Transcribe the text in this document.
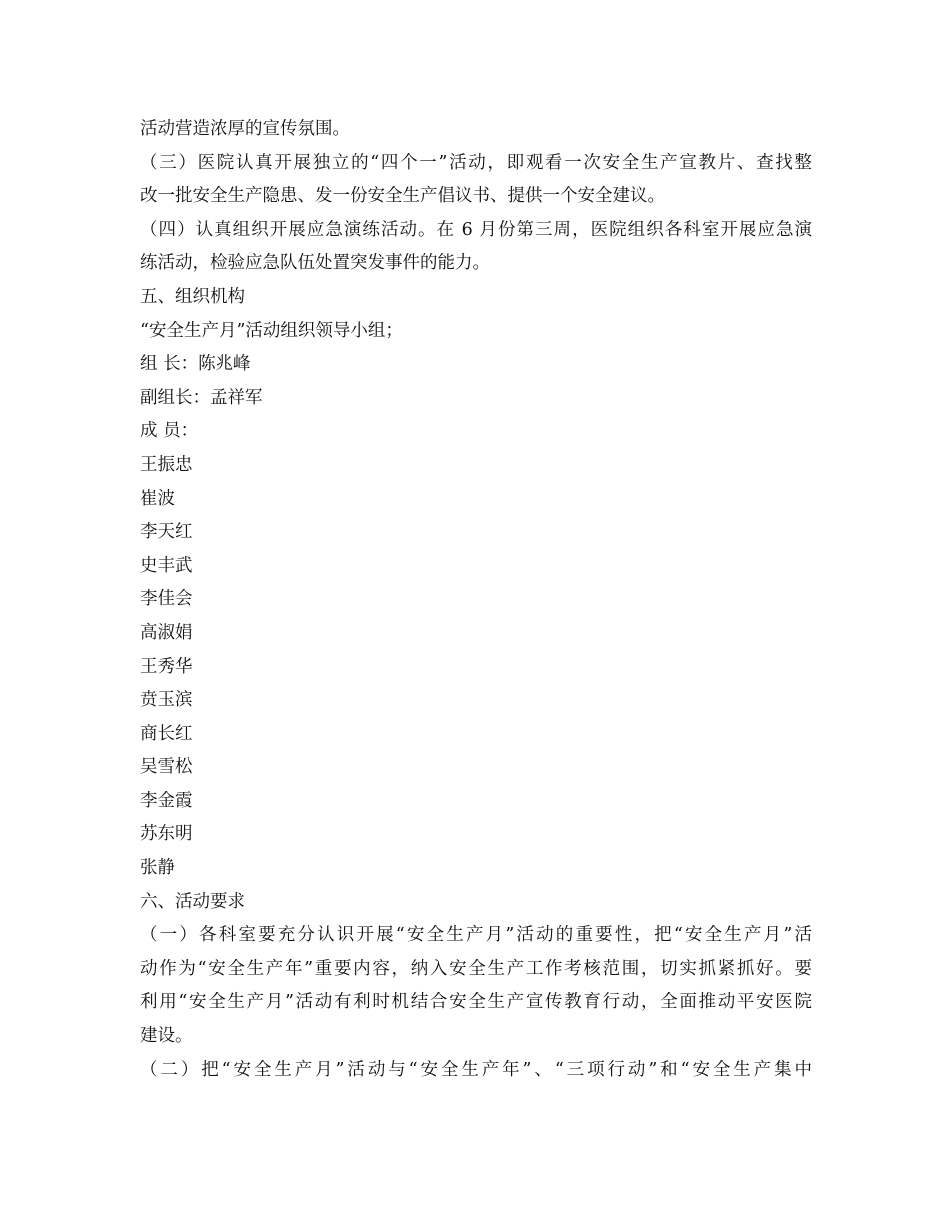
活动营造浓厚的宣传氛围。
（三）医院认真开展独立的“四个一”活动，即观看一次安全生产宣教片、查找整
改一批安全生产隐患、发一份安全生产倡议书、提供一个安全建议。
（四）认真组织开展应急演练活动。在 6 月份第三周，医院组织各科室开展应急演
练活动，检验应急队伍处置突发事件的能力。
五、组织机构
“安全生产月”活动组织领导小组；
组 长：陈兆峰
副组长：孟祥军
成 员：
王振忠
崔波
李天红
史丰武
李佳会
高淑娟
王秀华
贲玉滨
商长红
吴雪松
李金霞
苏东明
张静
六、活动要求
（一）各科室要充分认识开展“安全生产月”活动的重要性，把“安全生产月”活
动作为“安全生产年”重要内容，纳入安全生产工作考核范围，切实抓紧抓好。要
利用“安全生产月”活动有利时机结合安全生产宣传教育行动，全面推动平安医院
建设。
（二）把“安全生产月”活动与“安全生产年”、“三项行动”和“安全生产集中
